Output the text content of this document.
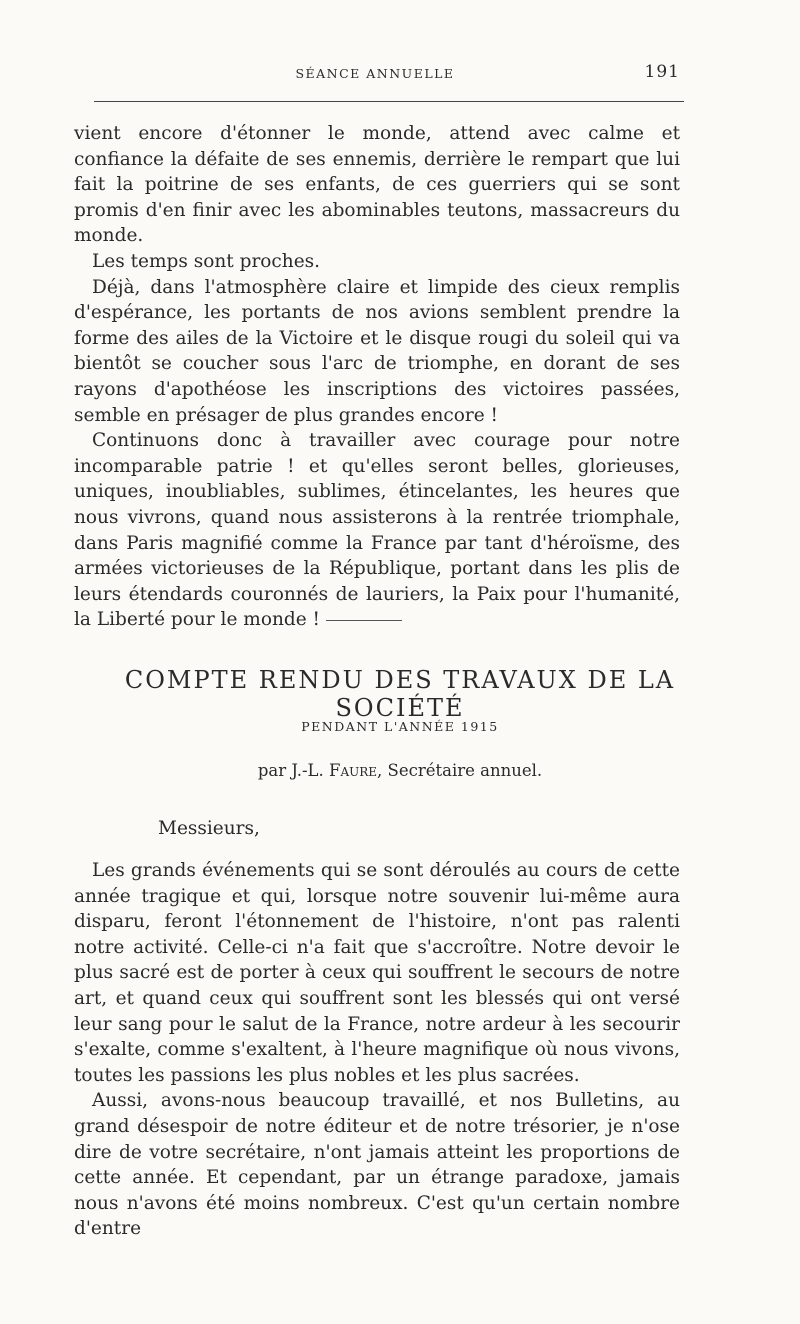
SÉANCE ANNUELLE	191

vient encore d'étonner le monde, attend avec calme et confiance la défaite de ses ennemis, derrière le rempart que lui fait la poitrine de ses enfants, de ces guerriers qui se sont promis d'en finir avec les abominables teutons, massacreurs du monde.

Les temps sont proches.

Déjà, dans l'atmosphère claire et limpide des cieux remplis d'espérance, les portants de nos avions semblent prendre la forme des ailes de la Victoire et le disque rougi du soleil qui va bientôt se coucher sous l'arc de triomphe, en dorant de ses rayons d'apothéose les inscriptions des victoires passées, semble en présager de plus grandes encore !

Continuons donc à travailler avec courage pour notre incomparable patrie ! et qu'elles seront belles, glorieuses, uniques, inoubliables, sublimes, étincelantes, les heures que nous vivrons, quand nous assisterons à la rentrée triomphale, dans Paris magnifié comme la France par tant d'héroïsme, des armées victorieuses de la République, portant dans les plis de leurs étendards couronnés de lauriers, la Paix pour l'humanité, la Liberté pour le monde !

COMPTE RENDU DES TRAVAUX DE LA SOCIÉTÉ
PENDANT L'ANNÉE 1915
par J.-L. Faure, Secrétaire annuel.
Messieurs,

Les grands événements qui se sont déroulés au cours de cette année tragique et qui, lorsque notre souvenir lui-même aura disparu, feront l'étonnement de l'histoire, n'ont pas ralenti notre activité. Celle-ci n'a fait que s'accroître. Notre devoir le plus sacré est de porter à ceux qui souffrent le secours de notre art, et quand ceux qui souffrent sont les blessés qui ont versé leur sang pour le salut de la France, notre ardeur à les secourir s'exalte, comme s'exaltent, à l'heure magnifique où nous vivons, toutes les passions les plus nobles et les plus sacrées.

Aussi, avons-nous beaucoup travaillé, et nos Bulletins, au grand désespoir de notre éditeur et de notre trésorier, je n'ose dire de votre secrétaire, n'ont jamais atteint les proportions de cette année. Et cependant, par un étrange paradoxe, jamais nous n'avons été moins nombreux. C'est qu'un certain nombre d'entre
